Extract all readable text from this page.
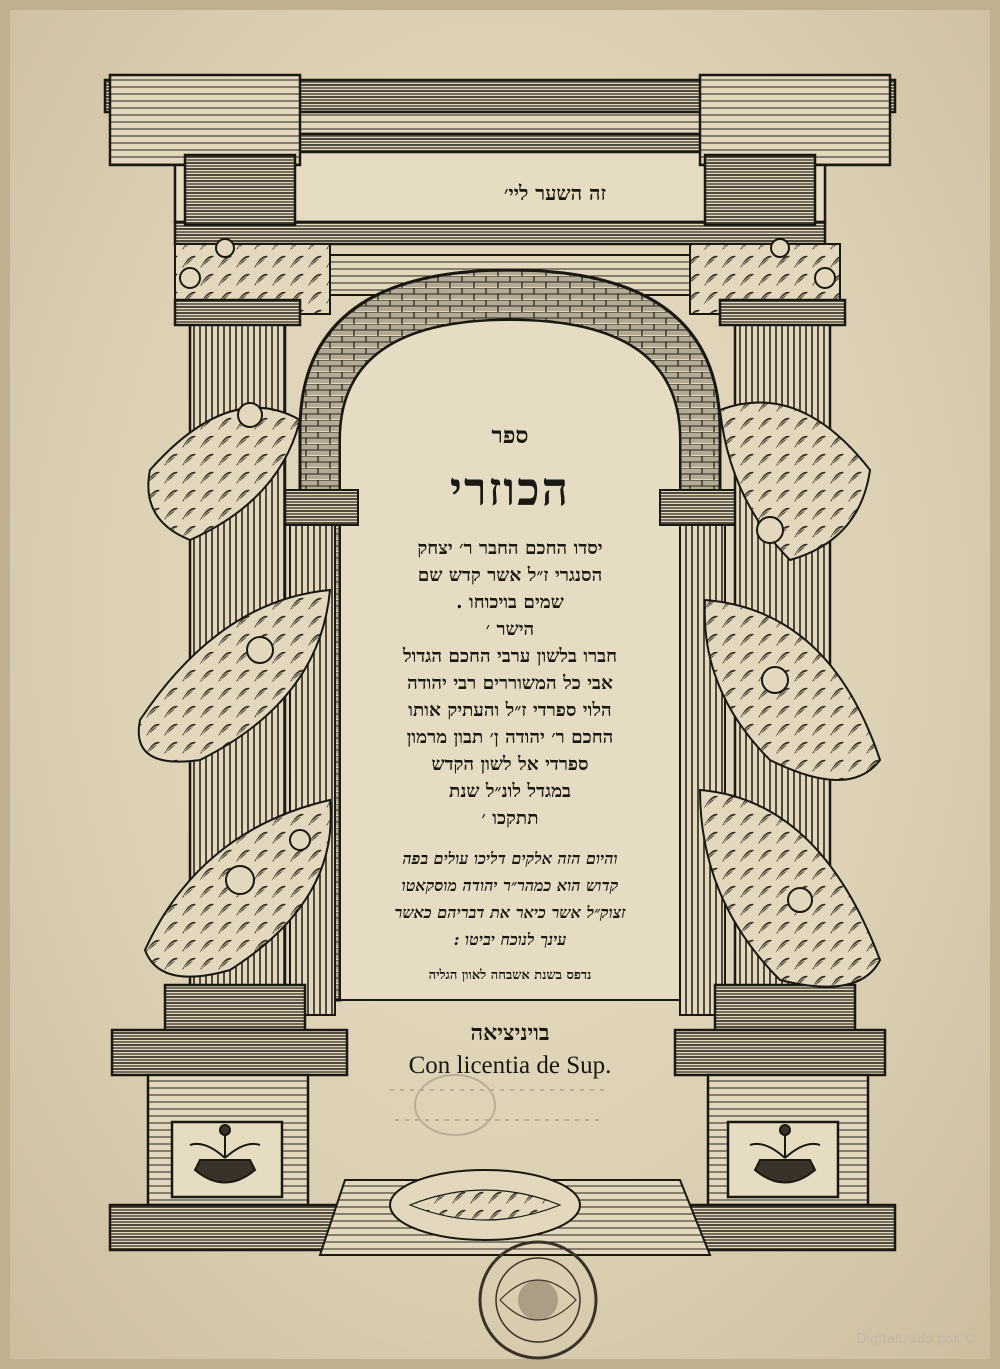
זה השער ליי׳
ספר
הכוזרי
יסדו החכם החבר ר׳ יצחק
הסנגרי ז״ל אשר קדש שם
שמים בויכוחו .
הישר ׳
חברו בלשון ערבי החכם הגדול
אבי כל המשוררים רבי יהודה
הלוי ספרדי ז״ל והעתיק אותו
החכם ר׳ יהודה ן׳ תבון מרמון
ספרדי אל לשון הקדש
במגדל לונ״ל שנת
תתקכו ׳
והיום הזה אלקים דליכו עולים בפה
קדוש הוא כמהר״ר יהודה מוסקאטו
זצוק״ל אשר כיאר את דבריהם כאשר
עינך לנוכח יביטו :
נדפס בשנת אשבחה לאוון הגליה
בויניציאה
Con licentia de Sup.
Digitalizado por ©
